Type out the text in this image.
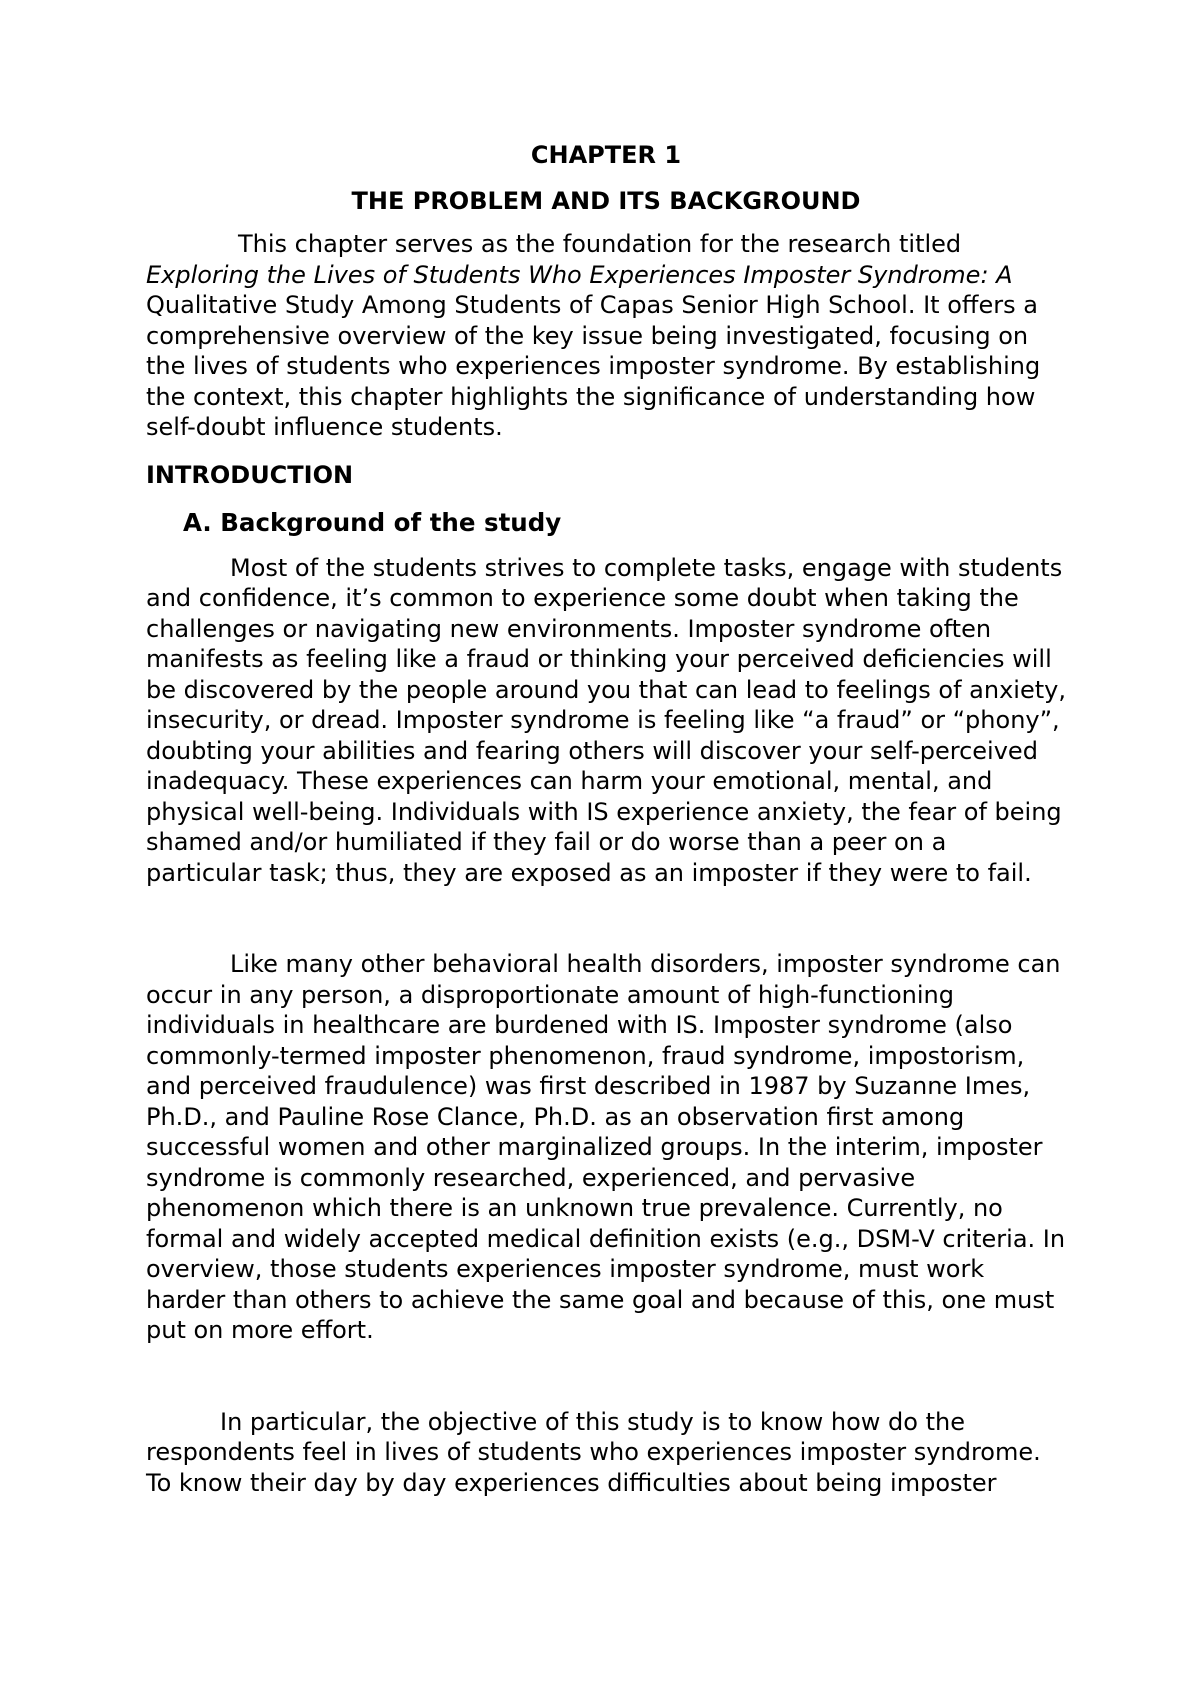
CHAPTER 1

THE PROBLEM AND ITS BACKGROUND

This chapter serves as the foundation for the research titled Exploring the Lives of Students Who Experiences Imposter Syndrome: A Qualitative Study Among Students of Capas Senior High School. It offers a comprehensive overview of the key issue being investigated, focusing on the lives of students who experiences imposter syndrome. By establishing the context, this chapter highlights the significance of understanding how self-doubt influence students.

INTRODUCTION

A. Background of the study

Most of the students strives to complete tasks, engage with students and confidence, it’s common to experience some doubt when taking the challenges or navigating new environments. Imposter syndrome often manifests as feeling like a fraud or thinking your perceived deficiencies will be discovered by the people around you that can lead to feelings of anxiety, insecurity, or dread. Imposter syndrome is feeling like “a fraud” or “phony”, doubting your abilities and fearing others will discover your self-perceived inadequacy. These experiences can harm your emotional, mental, and physical well-being. Individuals with IS experience anxiety, the fear of being shamed and/or humiliated if they fail or do worse than a peer on a particular task; thus, they are exposed as an imposter if they were to fail.

Like many other behavioral health disorders, imposter syndrome can occur in any person, a disproportionate amount of high-functioning individuals in healthcare are burdened with IS. Imposter syndrome (also commonly-termed imposter phenomenon, fraud syndrome, impostorism, and perceived fraudulence) was first described in 1987 by Suzanne Imes, Ph.D., and Pauline Rose Clance, Ph.D. as an observation first among successful women and other marginalized groups. In the interim, imposter syndrome is commonly researched, experienced, and pervasive phenomenon which there is an unknown true prevalence. Currently, no formal and widely accepted medical definition exists (e.g., DSM-V criteria. In overview, those students experiences imposter syndrome, must work harder than others to achieve the same goal and because of this, one must put on more effort.

In particular, the objective of this study is to know how do the respondents feel in lives of students who experiences imposter syndrome. To know their day by day experiences difficulties about being imposter
